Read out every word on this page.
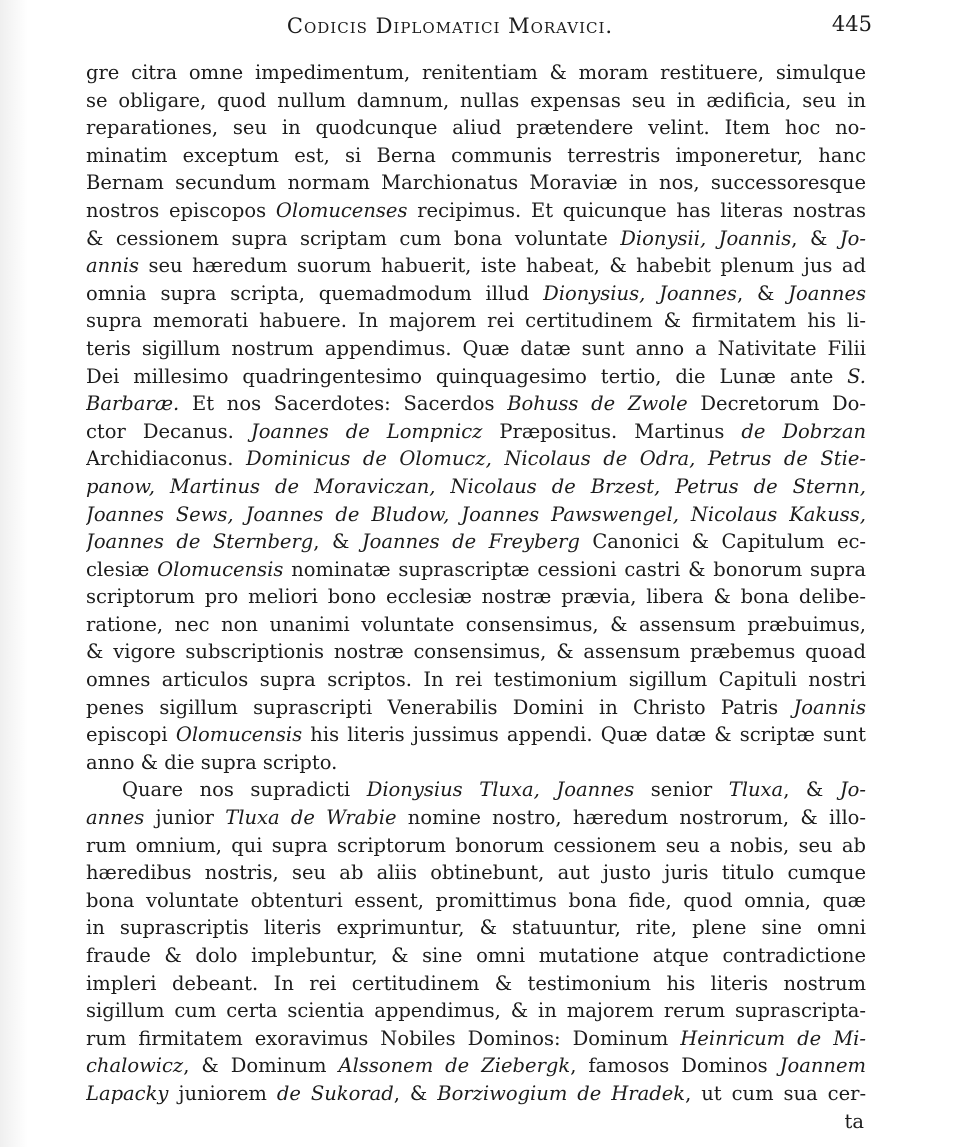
Codicis Diplomatici Moravici.	445
gre citra omne impedimentum, renitentiam & moram restituere, simulque
se obligare, quod nullum damnum, nullas expensas seu in ædificia, seu in
reparationes, seu in quodcunque aliud prætendere velint. Item hoc no-
minatim exceptum est, si Berna communis terrestris imponeretur, hanc
Bernam secundum normam Marchionatus Moraviæ in nos, successoresque
nostros episcopos Olomucenses recipimus. Et quicunque has literas nostras
& cessionem supra scriptam cum bona voluntate Dionysii, Joannis, & Jo-
annis seu hæredum suorum habuerit, iste habeat, & habebit plenum jus ad
omnia supra scripta, quemadmodum illud Dionysius, Joannes, & Joannes
supra memorati habuere. In majorem rei certitudinem & firmitatem his li-
teris sigillum nostrum appendimus. Quæ datæ sunt anno a Nativitate Filii
Dei millesimo quadringentesimo quinquagesimo tertio, die Lunæ ante S.
Barbaræ. Et nos Sacerdotes: Sacerdos Bohuss de Zwole Decretorum Do-
ctor Decanus. Joannes de Lompnicz Præpositus. Martinus de Dobrzan
Archidiaconus. Dominicus de Olomucz, Nicolaus de Odra, Petrus de Stie-
panow, Martinus de Moraviczan, Nicolaus de Brzest, Petrus de Sternn,
Joannes Sews, Joannes de Bludow, Joannes Pawswengel, Nicolaus Kakuss,
Joannes de Sternberg, & Joannes de Freyberg Canonici & Capitulum ec-
clesiæ Olomucensis nominatæ suprascriptæ cessioni castri & bonorum supra
scriptorum pro meliori bono ecclesiæ nostræ prævia, libera & bona delibe-
ratione, nec non unanimi voluntate consensimus, & assensum præbuimus,
& vigore subscriptionis nostræ consensimus, & assensum præbemus quoad
omnes articulos supra scriptos. In rei testimonium sigillum Capituli nostri
penes sigillum suprascripti Venerabilis Domini in Christo Patris Joannis
episcopi Olomucensis his literis jussimus appendi. Quæ datæ & scriptæ sunt
anno & die supra scripto.
Quare nos supradicti Dionysius Tluxa, Joannes senior Tluxa, & Jo-
annes junior Tluxa de Wrabie nomine nostro, hæredum nostrorum, & illo-
rum omnium, qui supra scriptorum bonorum cessionem seu a nobis, seu ab
hæredibus nostris, seu ab aliis obtinebunt, aut justo juris titulo cumque
bona voluntate obtenturi essent, promittimus bona fide, quod omnia, quæ
in suprascriptis literis exprimuntur, & statuuntur, rite, plene sine omni
fraude & dolo implebuntur, & sine omni mutatione atque contradictione
impleri debeant. In rei certitudinem & testimonium his literis nostrum
sigillum cum certa scientia appendimus, & in majorem rerum suprascripta-
rum firmitatem exoravimus Nobiles Dominos: Dominum Heinricum de Mi-
chalowicz, & Dominum Alssonem de Ziebergk, famosos Dominos Joannem
Lapacky juniorem de Sukorad, & Borziwogium de Hradek, ut cum sua cer-
ta
